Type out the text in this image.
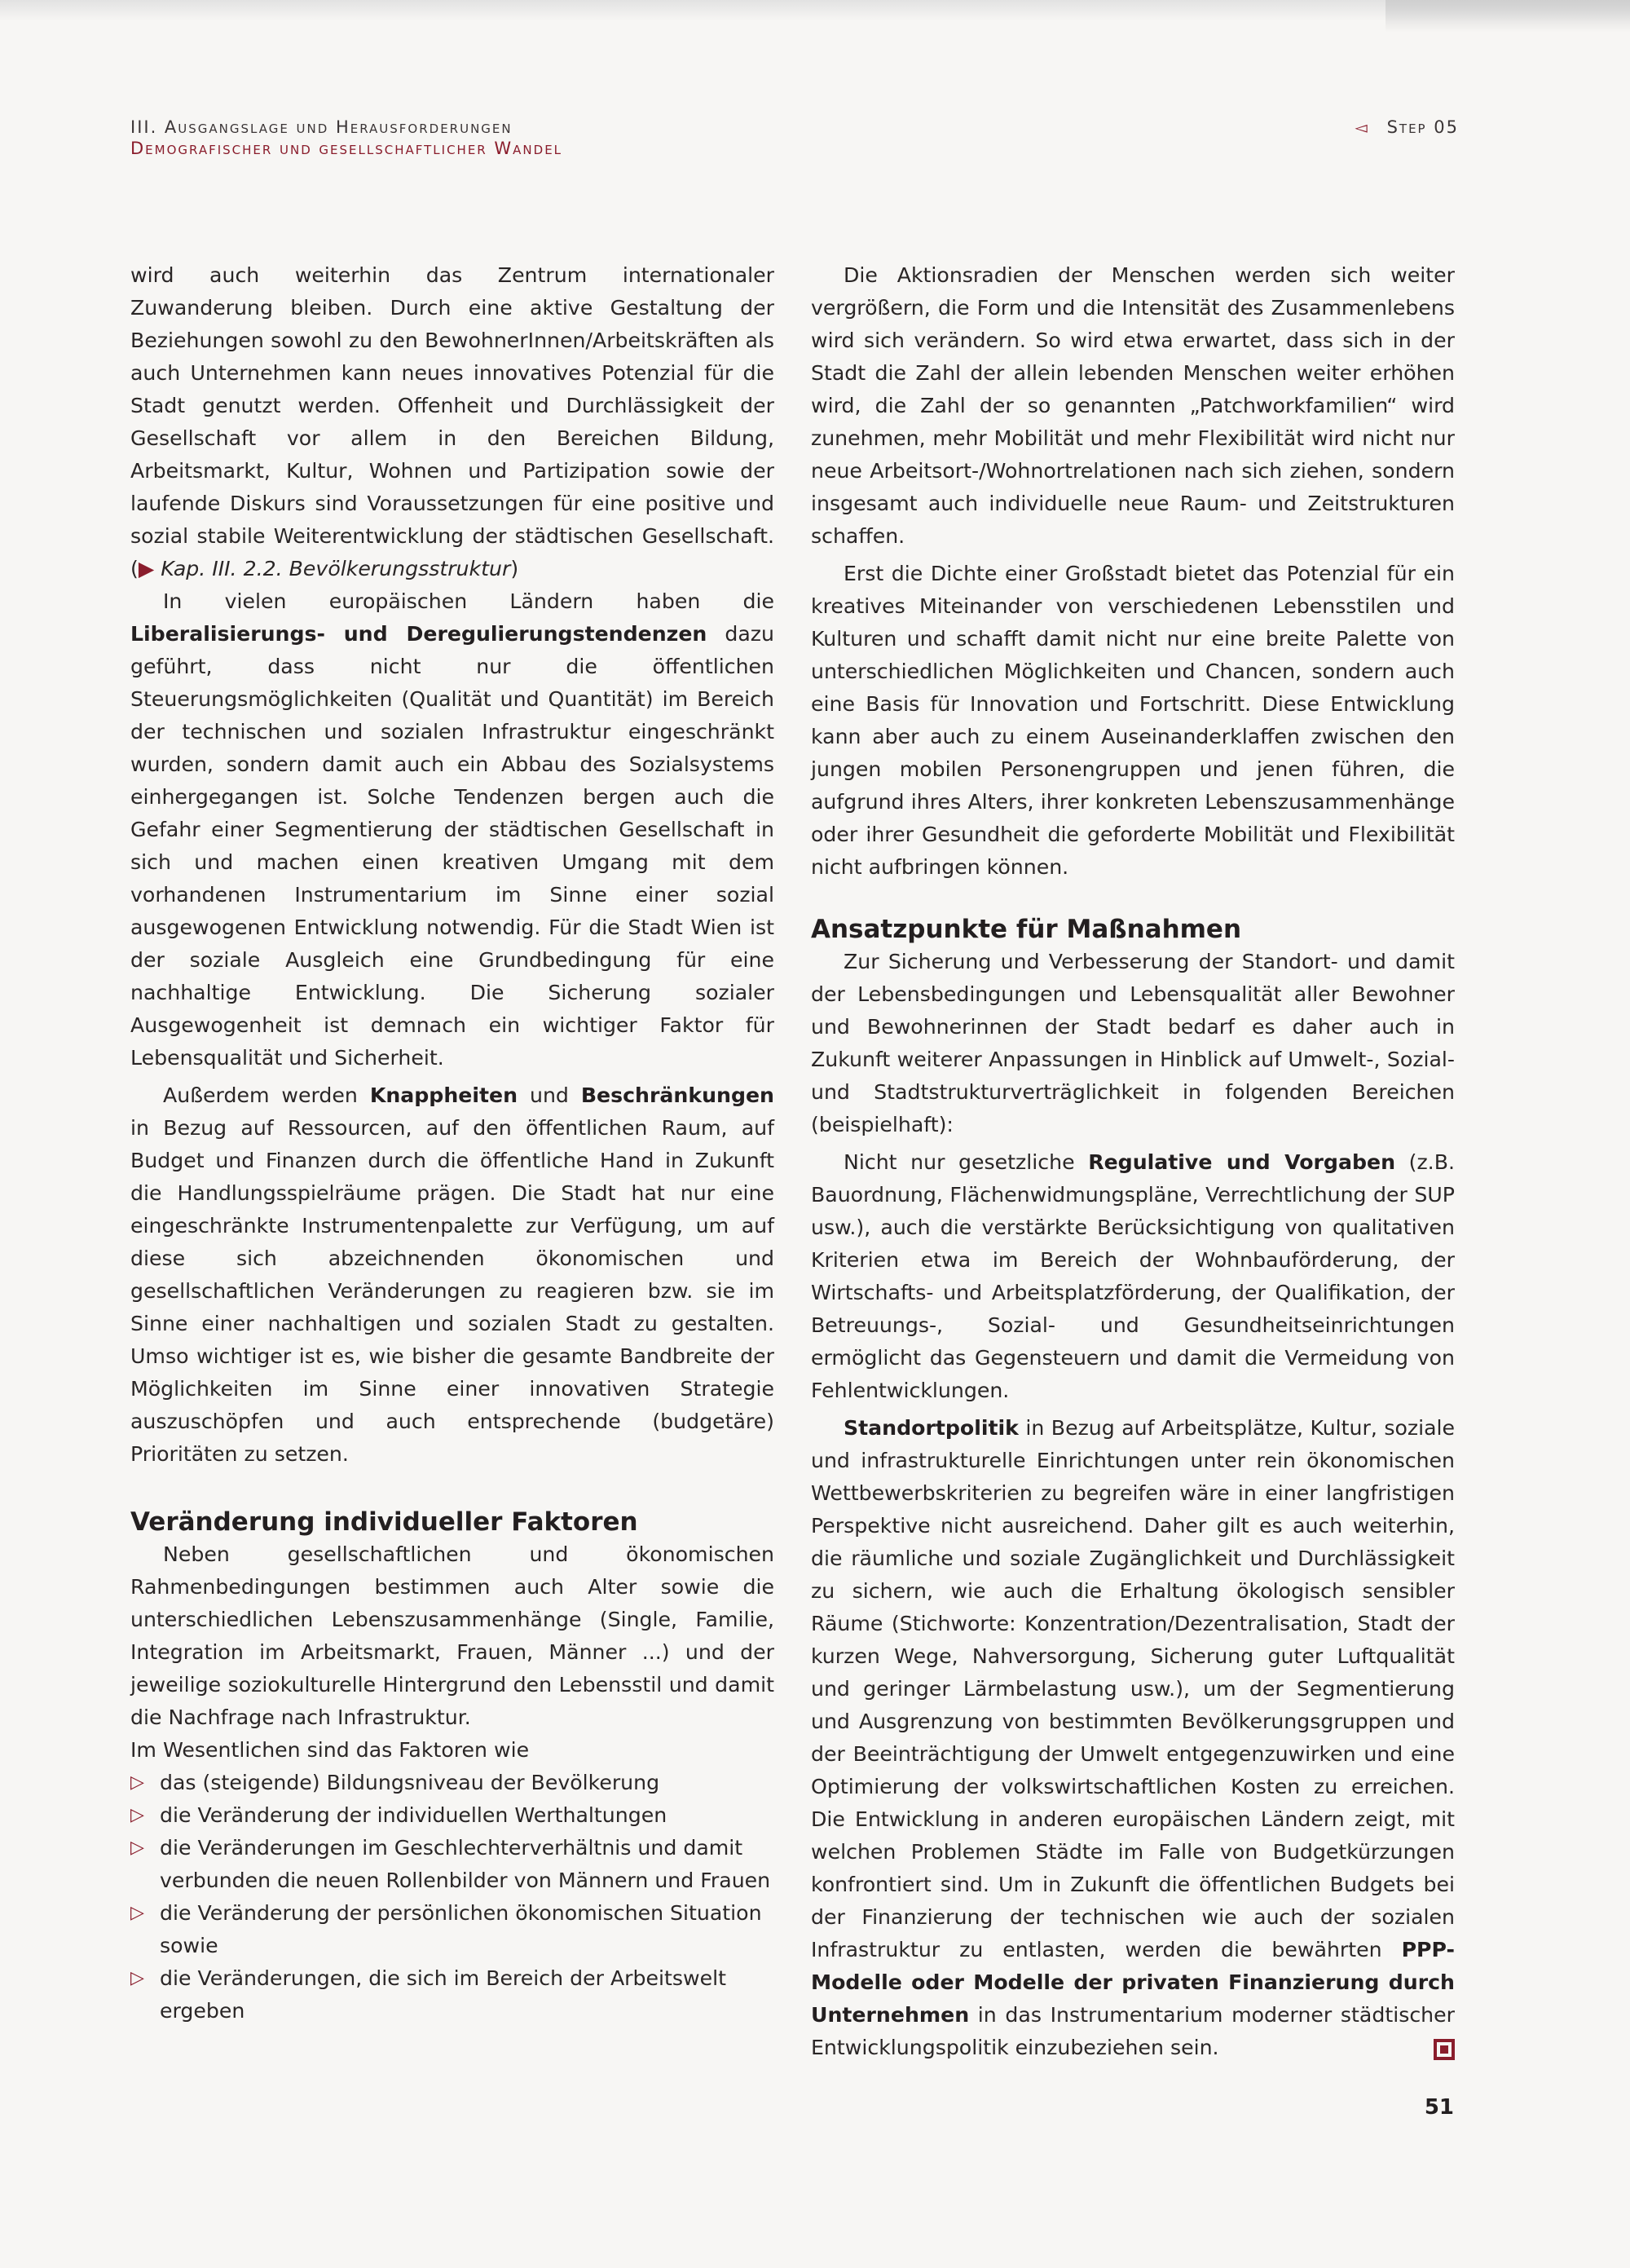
III. Ausgangslage und Herausforderungen
Demografischer und gesellschaftlicher Wandel
◅ Step 05

wird auch weiterhin das Zentrum internationaler Zuwanderung bleiben. Durch eine aktive Gestaltung der Beziehungen sowohl zu den BewohnerInnen/Arbeitskräften als auch Unternehmen kann neues innovatives Potenzial für die Stadt genutzt werden. Offenheit und Durchlässigkeit der Gesellschaft vor allem in den Bereichen Bildung, Arbeitsmarkt, Kultur, Wohnen und Partizipation sowie der laufende Diskurs sind Voraussetzungen für eine positive und sozial stabile Weiterentwicklung der städtischen Gesellschaft. (▶ Kap. III. 2.2. Bevölkerungsstruktur)

In vielen europäischen Ländern haben die Liberalisierungs- und Deregulierungstendenzen dazu geführt, dass nicht nur die öffentlichen Steuerungsmöglichkeiten (Qualität und Quantität) im Bereich der technischen und sozialen Infrastruktur eingeschränkt wurden, sondern damit auch ein Abbau des Sozialsystems einhergegangen ist. Solche Tendenzen bergen auch die Gefahr einer Segmentierung der städtischen Gesellschaft in sich und machen einen kreativen Umgang mit dem vorhandenen Instrumentarium im Sinne einer sozial ausgewogenen Entwicklung notwendig. Für die Stadt Wien ist der soziale Ausgleich eine Grundbedingung für eine nachhaltige Entwicklung. Die Sicherung sozialer Ausgewogenheit ist demnach ein wichtiger Faktor für Lebensqualität und Sicherheit.

Außerdem werden Knappheiten und Beschränkungen in Bezug auf Ressourcen, auf den öffentlichen Raum, auf Budget und Finanzen durch die öffentliche Hand in Zukunft die Handlungsspielräume prägen. Die Stadt hat nur eine eingeschränkte Instrumentenpalette zur Verfügung, um auf diese sich abzeichnenden ökonomischen und gesellschaftlichen Veränderungen zu reagieren bzw. sie im Sinne einer nachhaltigen und sozialen Stadt zu gestalten. Umso wichtiger ist es, wie bisher die gesamte Bandbreite der Möglichkeiten im Sinne einer innovativen Strategie auszuschöpfen und auch entsprechende (budgetäre) Prioritäten zu setzen.

Veränderung individueller Faktoren

Neben gesellschaftlichen und ökonomischen Rahmenbedingungen bestimmen auch Alter sowie die unterschiedlichen Lebenszusammenhänge (Single, Familie, Integration im Arbeitsmarkt, Frauen, Männer ...) und der jeweilige soziokulturelle Hintergrund den Lebensstil und damit die Nachfrage nach Infrastruktur.

Im Wesentlichen sind das Faktoren wie

▷ das (steigende) Bildungsniveau der Bevölkerung
▷ die Veränderung der individuellen Werthaltungen
▷ die Veränderungen im Geschlechterverhältnis und damit verbunden die neuen Rollenbilder von Männern und Frauen
▷ die Veränderung der persönlichen ökonomischen Situation sowie
▷ die Veränderungen, die sich im Bereich der Arbeitswelt ergeben

Die Aktionsradien der Menschen werden sich weiter vergrößern, die Form und die Intensität des Zusammenlebens wird sich verändern. So wird etwa erwartet, dass sich in der Stadt die Zahl der allein lebenden Menschen weiter erhöhen wird, die Zahl der so genannten „Patchworkfamilien“ wird zunehmen, mehr Mobilität und mehr Flexibilität wird nicht nur neue Arbeitsort-/Wohnortrelationen nach sich ziehen, sondern insgesamt auch individuelle neue Raum- und Zeitstrukturen schaffen.

Erst die Dichte einer Großstadt bietet das Potenzial für ein kreatives Miteinander von verschiedenen Lebensstilen und Kulturen und schafft damit nicht nur eine breite Palette von unterschiedlichen Möglichkeiten und Chancen, sondern auch eine Basis für Innovation und Fortschritt. Diese Entwicklung kann aber auch zu einem Auseinanderklaffen zwischen den jungen mobilen Personengruppen und jenen führen, die aufgrund ihres Alters, ihrer konkreten Lebenszusammenhänge oder ihrer Gesundheit die geforderte Mobilität und Flexibilität nicht aufbringen können.

Ansatzpunkte für Maßnahmen

Zur Sicherung und Verbesserung der Standort- und damit der Lebensbedingungen und Lebensqualität aller Bewohner und Bewohnerinnen der Stadt bedarf es daher auch in Zukunft weiterer Anpassungen in Hinblick auf Umwelt-, Sozial- und Stadtstrukturverträglichkeit in folgenden Bereichen (beispielhaft):

Nicht nur gesetzliche Regulative und Vorgaben (z.B. Bauordnung, Flächenwidmungspläne, Verrechtlichung der SUP usw.), auch die verstärkte Berücksichtigung von qualitativen Kriterien etwa im Bereich der Wohnbauförderung, der Wirtschafts- und Arbeitsplatzförderung, der Qualifikation, der Betreuungs-, Sozial- und Gesundheitseinrichtungen ermöglicht das Gegensteuern und damit die Vermeidung von Fehlentwicklungen.

Standortpolitik in Bezug auf Arbeitsplätze, Kultur, soziale und infrastrukturelle Einrichtungen unter rein ökonomischen Wettbewerbskriterien zu begreifen wäre in einer langfristigen Perspektive nicht ausreichend. Daher gilt es auch weiterhin, die räumliche und soziale Zugänglichkeit und Durchlässigkeit zu sichern, wie auch die Erhaltung ökologisch sensibler Räume (Stichworte: Konzentration/Dezentralisation, Stadt der kurzen Wege, Nahversorgung, Sicherung guter Luftqualität und geringer Lärmbelastung usw.), um der Segmentierung und Ausgrenzung von bestimmten Bevölkerungsgruppen und der Beeinträchtigung der Umwelt entgegenzuwirken und eine Optimierung der volkswirtschaftlichen Kosten zu erreichen. Die Entwicklung in anderen europäischen Ländern zeigt, mit welchen Problemen Städte im Falle von Budgetkürzungen konfrontiert sind. Um in Zukunft die öffentlichen Budgets bei der Finanzierung der technischen wie auch der sozialen Infrastruktur zu entlasten, werden die bewährten PPP-Modelle oder Modelle der privaten Finanzierung durch Unternehmen in das Instrumentarium moderner städtischer Entwicklungspolitik einzubeziehen sein.

51
